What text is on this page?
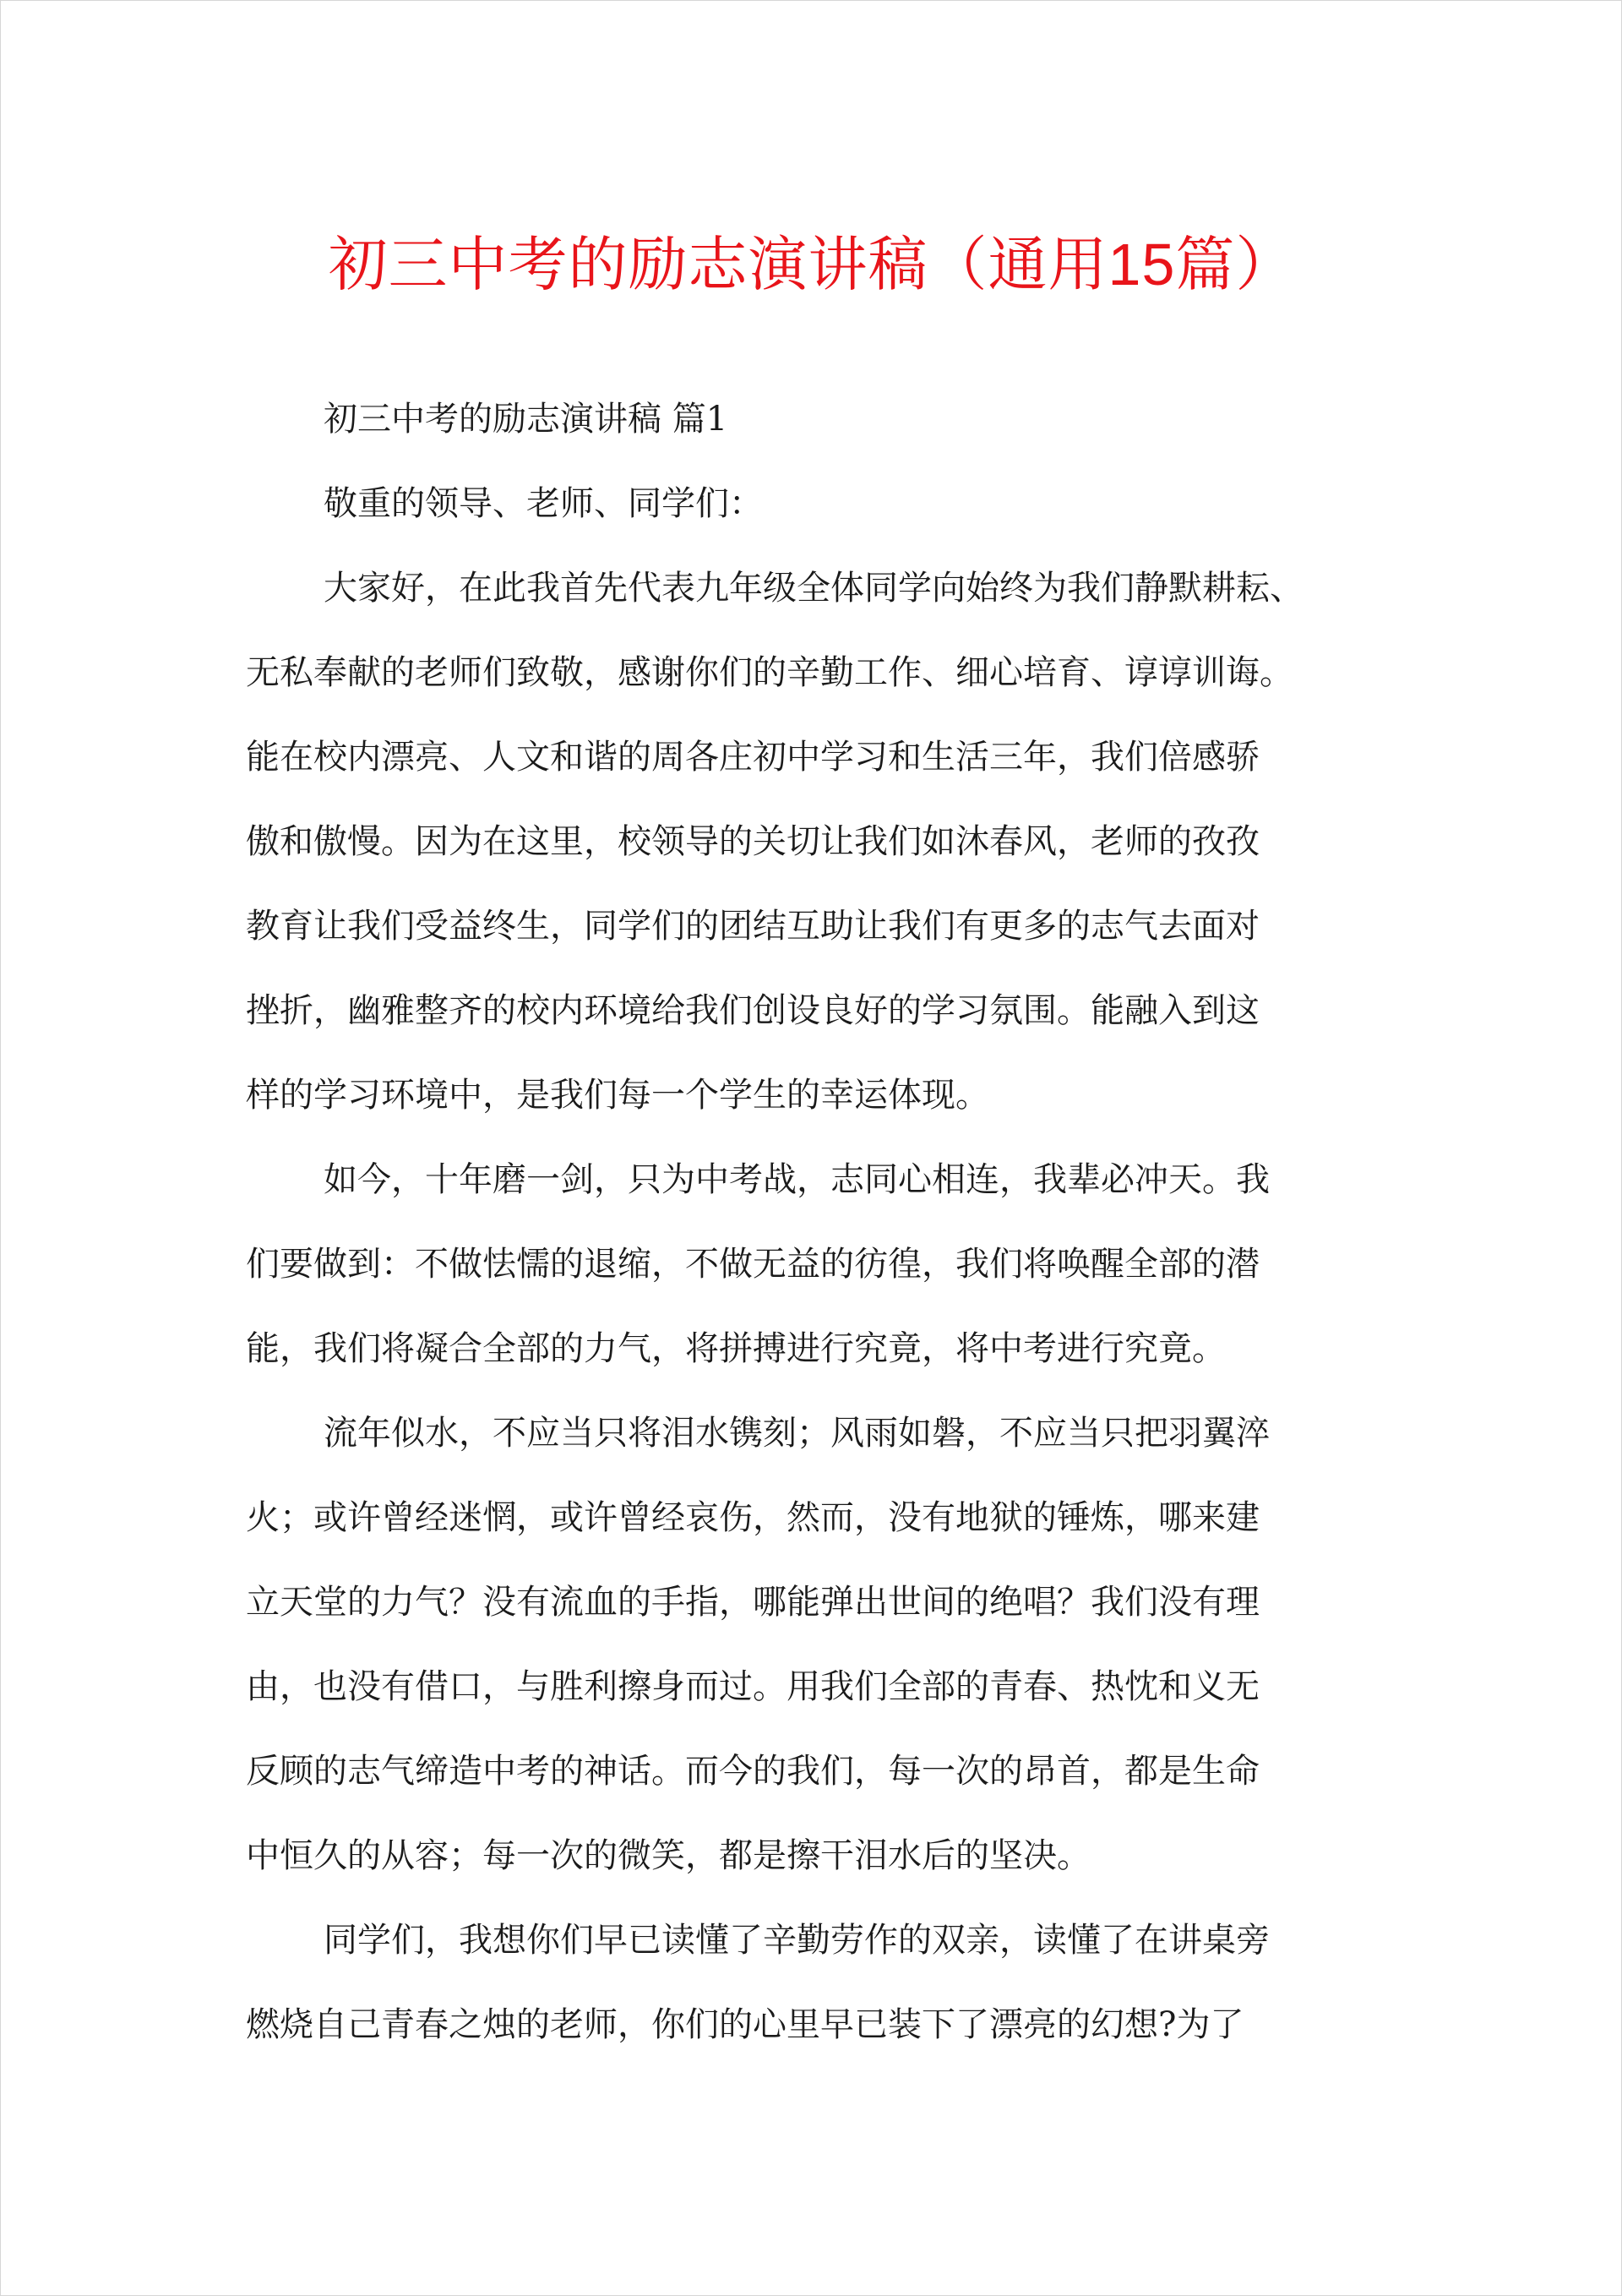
初三中考的励志演讲稿（通用15篇）

初三中考的励志演讲稿 篇1

敬重的领导、老师、同学们：

大家好，在此我首先代表九年级全体同学向始终为我们静默耕耘、

无私奉献的老师们致敬，感谢你们的辛勤工作、细心培育、谆谆训诲。

能在校内漂亮、人文和谐的周各庄初中学习和生活三年，我们倍感骄

傲和傲慢。因为在这里，校领导的关切让我们如沐春风，老师的孜孜

教育让我们受益终生，同学们的团结互助让我们有更多的志气去面对

挫折，幽雅整齐的校内环境给我们创设良好的学习氛围。能融入到这

样的学习环境中，是我们每一个学生的幸运体现。

如今，十年磨一剑，只为中考战，志同心相连，我辈必冲天。我

们要做到：不做怯懦的退缩，不做无益的彷徨，我们将唤醒全部的潜

能，我们将凝合全部的力气，将拼搏进行究竟，将中考进行究竟。

流年似水，不应当只将泪水镌刻；风雨如磐，不应当只把羽翼淬

火；或许曾经迷惘，或许曾经哀伤，然而，没有地狱的锤炼，哪来建

立天堂的力气？没有流血的手指，哪能弹出世间的绝唱？我们没有理

由，也没有借口，与胜利擦身而过。用我们全部的青春、热忱和义无

反顾的志气缔造中考的神话。而今的我们，每一次的昂首，都是生命

中恒久的从容；每一次的微笑，都是擦干泪水后的坚决。

同学们，我想你们早已读懂了辛勤劳作的双亲，读懂了在讲桌旁

燃烧自己青春之烛的老师，你们的心里早已装下了漂亮的幻想?为了
